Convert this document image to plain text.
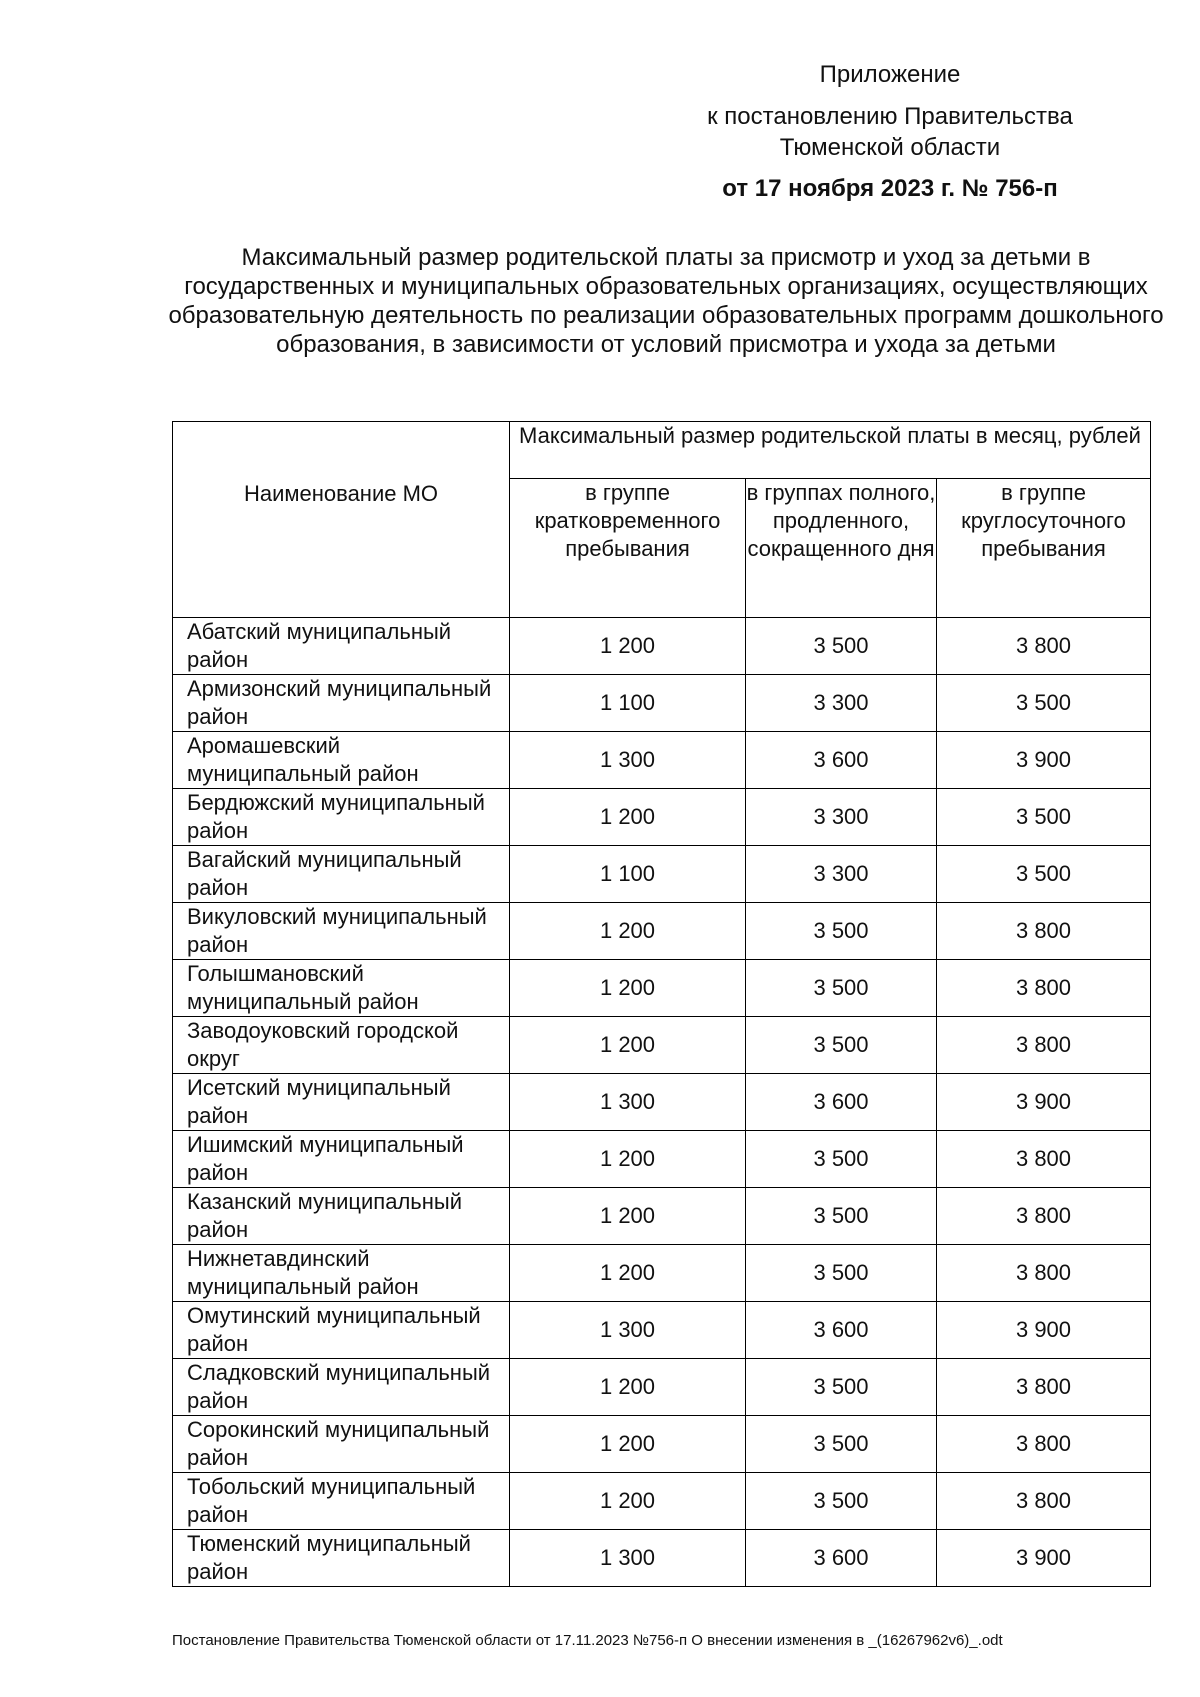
Приложение
к постановлению Правительства
Тюменской области
от 17 ноября 2023 г. № 756-п
Максимальный размер родительской платы за присмотр и уход за детьми в государственных и муниципальных образовательных организациях, осуществляющих образовательную деятельность по реализации образовательных программ дошкольного образования, в зависимости от условий присмотра и ухода за детьми
Наименование МО	Максимальный размер родительской платы в месяц, рублей		
	в группе кратковременного пребывания	в группах полного, продленного, сокращенного дня	в группе круглосуточного пребывания
Абатский муниципальный район	1 200	3 500	3 800
Армизонский муниципальный район	1 100	3 300	3 500
Аромашевский муниципальный район	1 300	3 600	3 900
Бердюжский муниципальный район	1 200	3 300	3 500
Вагайский муниципальный район	1 100	3 300	3 500
Викуловский муниципальный район	1 200	3 500	3 800
Голышмановский муниципальный район	1 200	3 500	3 800
Заводоуковский городской округ	1 200	3 500	3 800
Исетский муниципальный район	1 300	3 600	3 900
Ишимский муниципальный район	1 200	3 500	3 800
Казанский муниципальный район	1 200	3 500	3 800
Нижнетавдинский муниципальный район	1 200	3 500	3 800
Омутинский муниципальный район	1 300	3 600	3 900
Сладковский муниципальный район	1 200	3 500	3 800
Сорокинский муниципальный район	1 200	3 500	3 800
Тобольский муниципальный район	1 200	3 500	3 800
Тюменский муниципальный район	1 300	3 600	3 900
Постановление Правительства Тюменской области от 17.11.2023 №756-п О внесении изменения в _(16267962v6)_.odt
